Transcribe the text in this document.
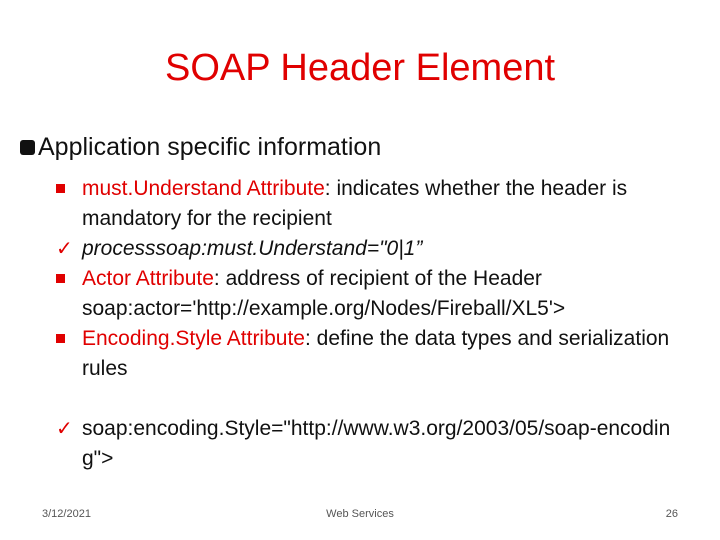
SOAP Header Element
Application specific information
must.Understand Attribute: indicates whether the header is mandatory for the recipient
✓ processsoap:must.Understand="0|1”
Actor Attribute: address of recipient of the Header soap:actor='http://example.org/Nodes/Fireball/XL5'>
Encoding.Style Attribute: define the data types and serialization rules
✓ soap:encoding.Style="http://www.w3.org/2003/05/soap-encoding">
3/12/2021	Web Services	26
